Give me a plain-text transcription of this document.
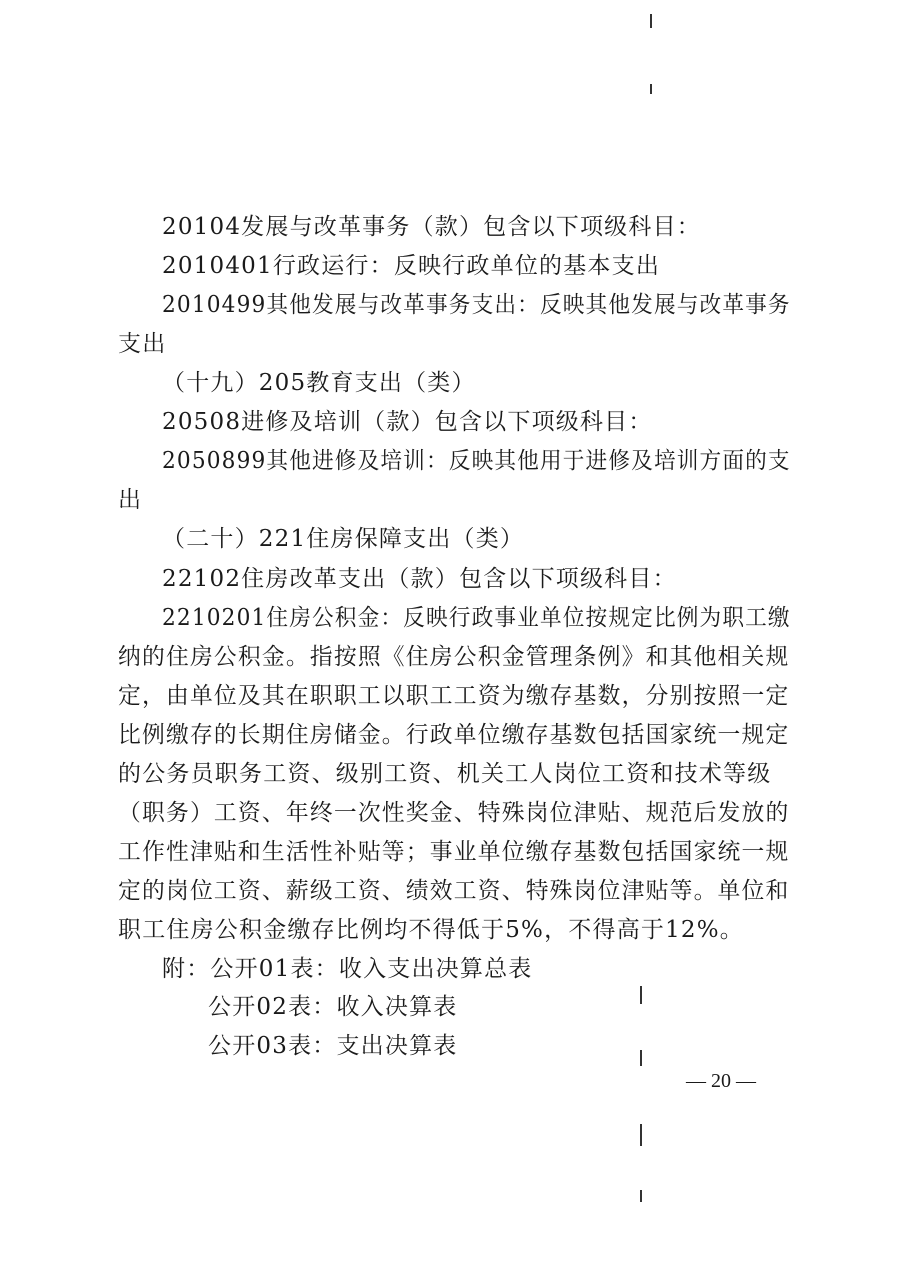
20104发展与改革事务（款）包含以下项级科目：
2010401行政运行：反映行政单位的基本支出
2010499其他发展与改革事务支出：反映其他发展与改革事务
支出
（十九）205教育支出（类）
20508进修及培训（款）包含以下项级科目：
2050899其他进修及培训：反映其他用于进修及培训方面的支
出
（二十）221住房保障支出（类）
22102住房改革支出（款）包含以下项级科目：
2210201住房公积金：反映行政事业单位按规定比例为职工缴
纳的住房公积金。指按照《住房公积金管理条例》和其他相关规
定，由单位及其在职职工以职工工资为缴存基数，分别按照一定
比例缴存的长期住房储金。行政单位缴存基数包括国家统一规定
的公务员职务工资、级别工资、机关工人岗位工资和技术等级
（职务）工资、年终一次性奖金、特殊岗位津贴、规范后发放的
工作性津贴和生活性补贴等；事业单位缴存基数包括国家统一规
定的岗位工资、薪级工资、绩效工资、特殊岗位津贴等。单位和
职工住房公积金缴存比例均不得低于5%，不得高于12%。
附：公开01表：收入支出决算总表
公开02表：收入决算表
公开03表：支出决算表
— 20 —
